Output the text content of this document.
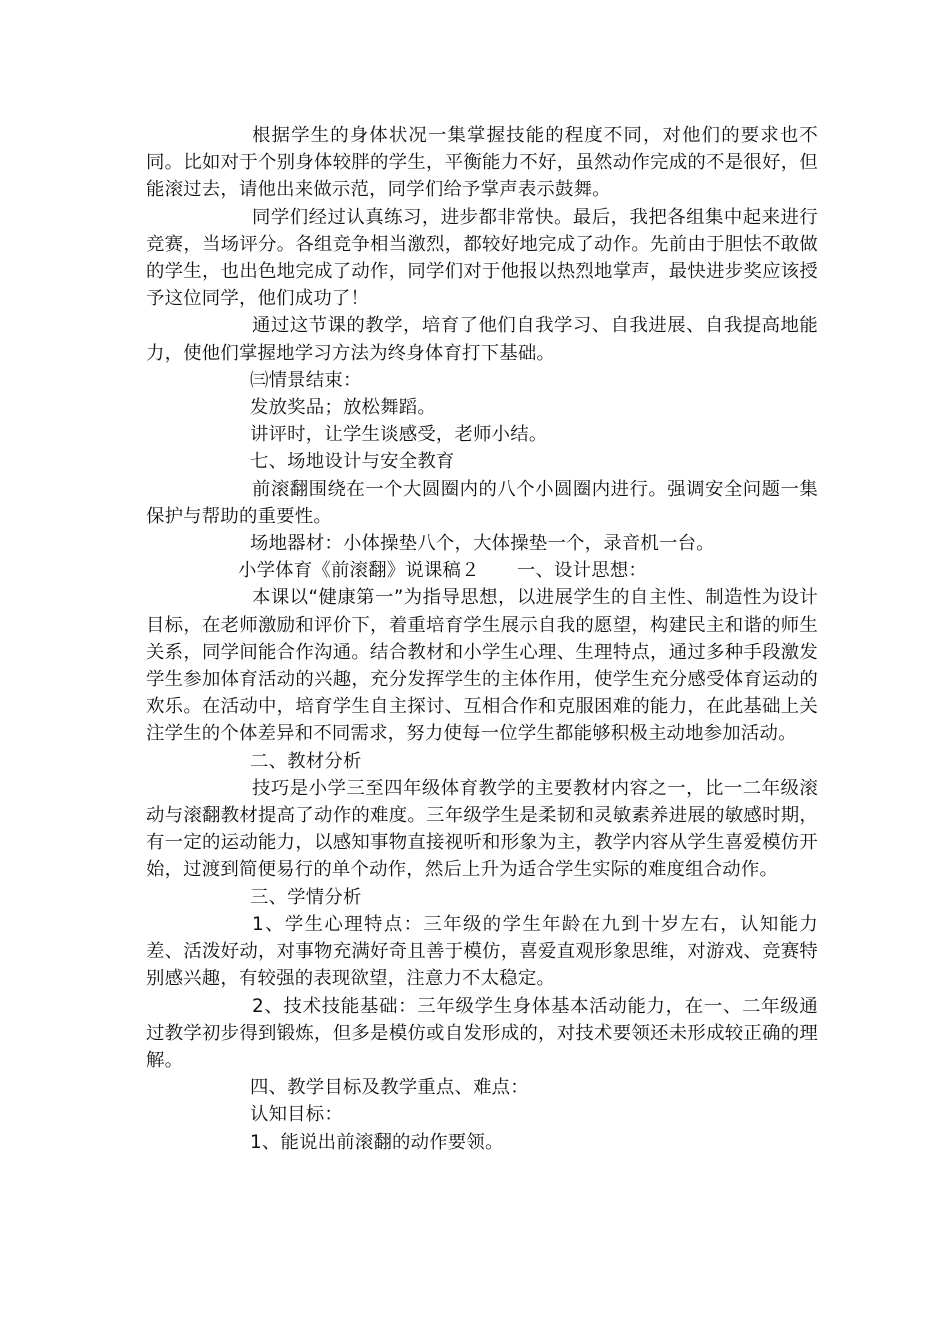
根据学生的身体状况一集掌握技能的程度不同，对他们的要求也不同。比如对于个别身体较胖的学生，平衡能力不好，虽然动作完成的不是很好，但能滚过去，请他出来做示范，同学们给予掌声表示鼓舞。

同学们经过认真练习，进步都非常快。最后，我把各组集中起来进行竞赛，当场评分。各组竞争相当激烈，都较好地完成了动作。先前由于胆怯不敢做的学生，也出色地完成了动作，同学们对于他报以热烈地掌声，最快进步奖应该授予这位同学，他们成功了！

通过这节课的教学，培育了他们自我学习、自我进展、自我提高地能力，使他们掌握地学习方法为终身体育打下基础。

㈢情景结束：

发放奖品；放松舞蹈。

讲评时，让学生谈感受，老师小结。

七、场地设计与安全教育

前滚翻围绕在一个大圆圈内的八个小圆圈内进行。强调安全问题一集保护与帮助的重要性。

场地器材：小体操垫八个，大体操垫一个，录音机一台。

小学体育《前滚翻》说课稿２　　一、设计思想：

本课以“健康第一”为指导思想，以进展学生的自主性、制造性为设计目标，在老师激励和评价下，着重培育学生展示自我的愿望，构建民主和谐的师生关系，同学间能合作沟通。结合教材和小学生心理、生理特点，通过多种手段激发学生参加体育活动的兴趣，充分发挥学生的主体作用，使学生充分感受体育运动的欢乐。在活动中，培育学生自主探讨、互相合作和克服困难的能力，在此基础上关注学生的个体差异和不同需求，努力使每一位学生都能够积极主动地参加活动。

二、教材分析

技巧是小学三至四年级体育教学的主要教材内容之一，比一二年级滚动与滚翻教材提高了动作的难度。三年级学生是柔韧和灵敏素养进展的敏感时期，有一定的运动能力，以感知事物直接视听和形象为主，教学内容从学生喜爱模仿开始，过渡到简便易行的单个动作，然后上升为适合学生实际的难度组合动作。

三、学情分析

1、学生心理特点：三年级的学生年龄在九到十岁左右，认知能力差、活泼好动，对事物充满好奇且善于模仿，喜爱直观形象思维，对游戏、竞赛特别感兴趣，有较强的表现欲望，注意力不太稳定。

2、技术技能基础：三年级学生身体基本活动能力，在一、二年级通过教学初步得到锻炼，但多是模仿或自发形成的，对技术要领还未形成较正确的理解。

四、教学目标及教学重点、难点：

认知目标：

1、能说出前滚翻的动作要领。
